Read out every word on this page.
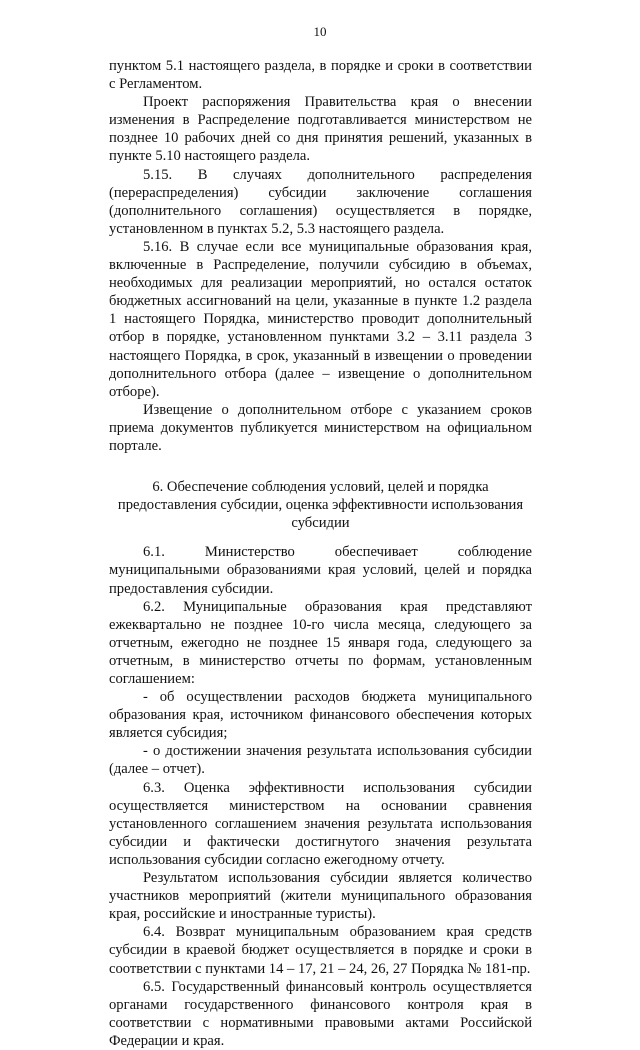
10

пунктом 5.1 настоящего раздела, в порядке и сроки в соответствии с Регламентом.

Проект распоряжения Правительства края о внесении изменения в Распределение подготавливается министерством не позднее 10 рабочих дней со дня принятия решений, указанных в пункте 5.10 настоящего раздела.

5.15. В случаях дополнительного распределения (перераспределения) субсидии заключение соглашения (дополнительного соглашения) осуществляется в порядке, установленном в пунктах 5.2, 5.3 настоящего раздела.

5.16. В случае если все муниципальные образования края, включенные в Распределение, получили субсидию в объемах, необходимых для реализации мероприятий, но остался остаток бюджетных ассигнований на цели, указанные в пункте 1.2 раздела 1 настоящего Порядка, министерство проводит дополнительный отбор в порядке, установленном пунктами 3.2 – 3.11 раздела 3 настоящего Порядка, в срок, указанный в извещении о проведении дополнительного отбора (далее – извещение о дополнительном отборе).

Извещение о дополнительном отборе с указанием сроков приема документов публикуется министерством на официальном портале.

6. Обеспечение соблюдения условий, целей и порядка предоставления субсидии, оценка эффективности использования субсидии

6.1. Министерство обеспечивает соблюдение муниципальными образованиями края условий, целей и порядка предоставления субсидии.

6.2. Муниципальные образования края представляют ежеквартально не позднее 10-го числа месяца, следующего за отчетным, ежегодно не позднее 15 января года, следующего за отчетным, в министерство отчеты по формам, установленным соглашением:

- об осуществлении расходов бюджета муниципального образования края, источником финансового обеспечения которых является субсидия;

- о достижении значения результата использования субсидии (далее – отчет).

6.3. Оценка эффективности использования субсидии осуществляется министерством на основании сравнения установленного соглашением значения результата использования субсидии и фактически достигнутого значения результата использования субсидии согласно ежегодному отчету.

Результатом использования субсидии является количество участников мероприятий (жители муниципального образования края, российские и иностранные туристы).

6.4. Возврат муниципальным образованием края средств субсидии в краевой бюджет осуществляется в порядке и сроки в соответствии с пунктами 14 – 17, 21 – 24, 26, 27 Порядка № 181-пр.

6.5. Государственный финансовый контроль осуществляется органами государственного финансового контроля края в соответствии с нормативными правовыми актами Российской Федерации и края.
